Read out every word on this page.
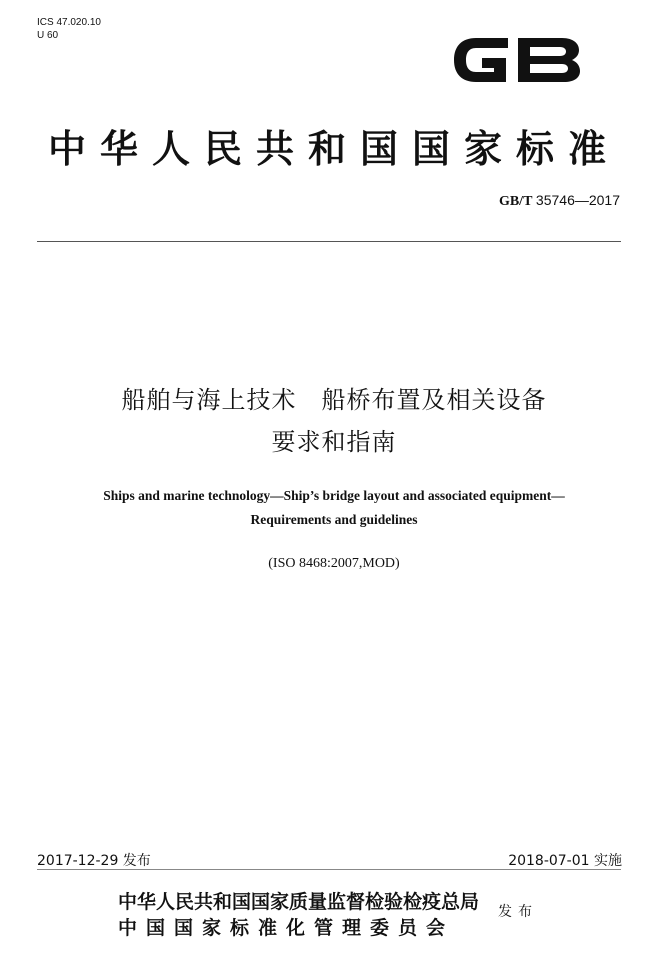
ICS 47.020.10
U 60
中华人民共和国国家标准
GB/T 35746—2017
船舶与海上技术　船桥布置及相关设备
要求和指南
Ships and marine technology—Ship’s bridge layout and associated equipment—
Requirements and guidelines
(ISO 8468:2007,MOD)
2017-12-29 发布	2018-07-01 实施
中华人民共和国国家质量监督检验检疫总局
中国国家标准化管理委员会
发布
